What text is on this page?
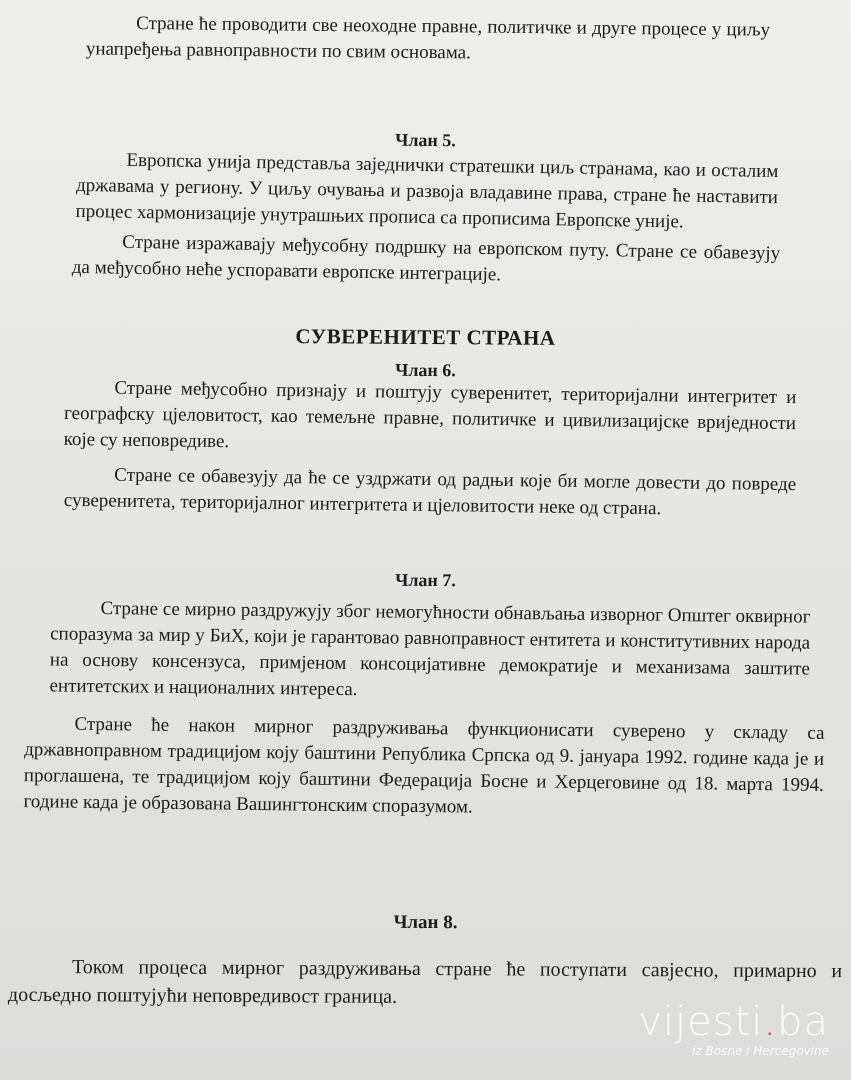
Стране ће проводити све неоходне правне, политичке и друге процесе у циљу унапређења равноправности по свим основама.

Члан 5.

Европска унија представља заједнички стратешки циљ странама, као и осталим државама у региону. У циљу очувања и развоја владавине права, стране ће наставити процес хармонизације унутрашњих прописа са прописима Европске уније.

Стране изражавају међусобну подршку на европском путу. Стране се обавезују да међусобно неће успоравати европске интеграције.

СУВЕРЕНИТЕТ СТРАНА
Члан 6.

Стране међусобно признају и поштују суверенитет, територијални интегритет и географску цјеловитост, као темељне правне, политичке и цивилизацијске вриједности које су неповредиве.

Стране се обавезују да ће се уздржати од радњи које би могле довести до повреде суверенитета, територијалног интегритета и цјеловитости неке од страна.

Члан 7.

Стране се мирно раздружују због немогућности обнављања изворног Општег оквирног споразума за мир у БиХ, који је гарантовао равноправност ентитета и конститутивних народа на основу консензуса, примјеном консоцијативне демократије и механизама заштите ентитетских и националних интереса.

Стране ће након мирног раздруживања функционисати суверено у складу са државноправном традицијом коју баштини Република Српска од 9. јануара 1992. године када је и проглашена, те традицијом коју баштини Федерација Босне и Херцеговине од 18. марта 1994. године када је образована Вашингтонским споразумом.

Члан 8.

Током процеса мирног раздруживања стране ће поступати савјесно, примарно и досљедно поштујући неповредивост граница.

vijesti.ba
iz Bosne i Hercegovine
